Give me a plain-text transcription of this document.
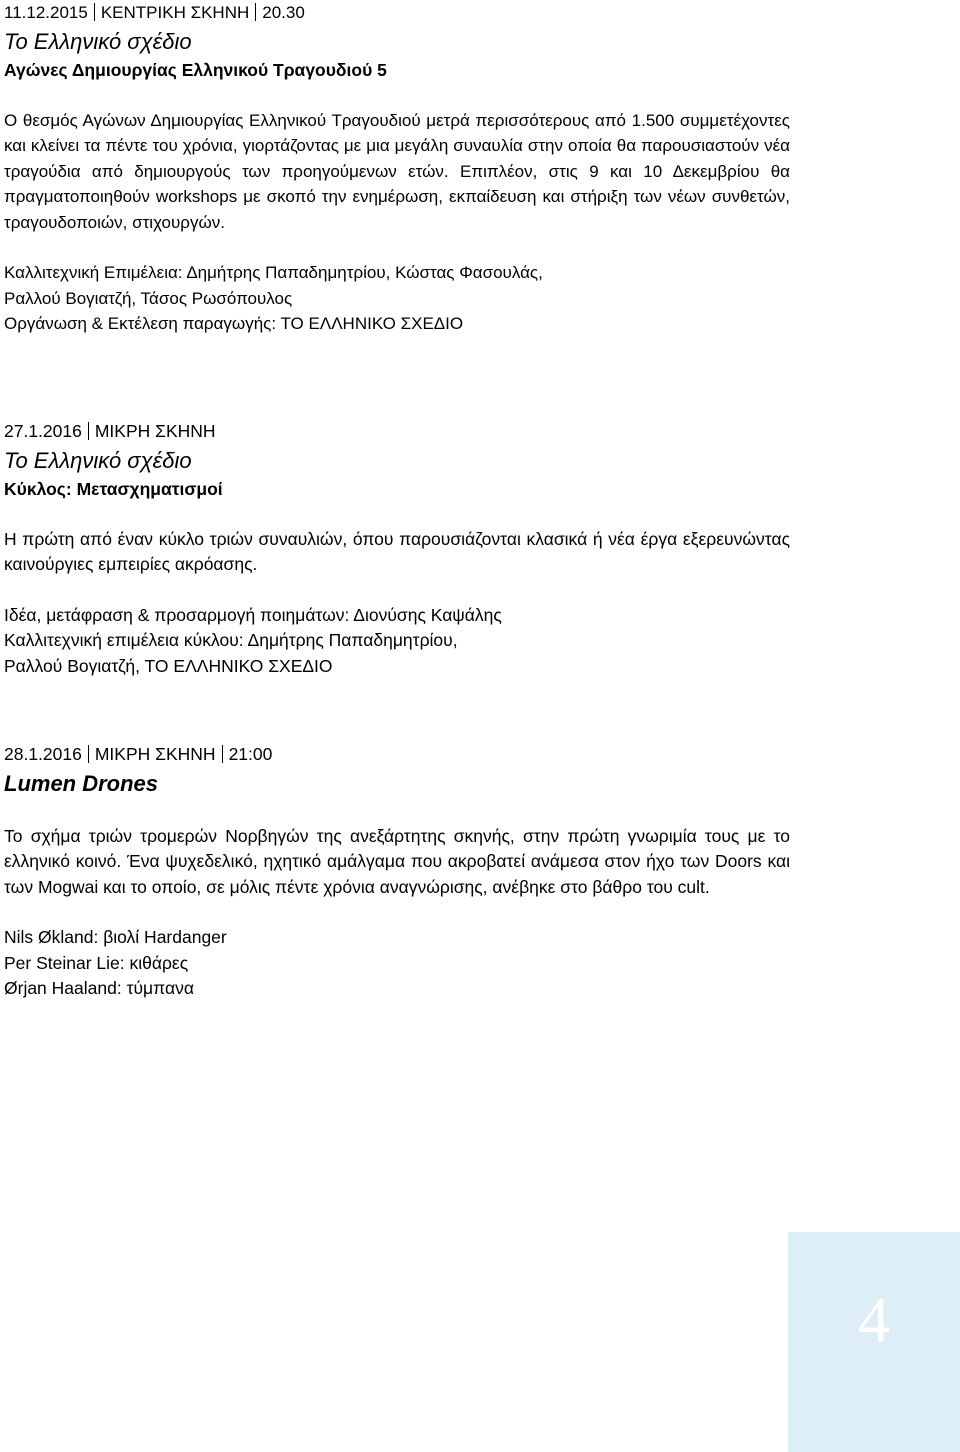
11.12.2015 ΚΕΝΤΡΙΚΗ ΣΚΗΝΗ 20.30
Το Ελληνικό σχέδιο
Αγώνες Δημιουργίας Ελληνικού Τραγουδιού 5

Ο θεσμός Αγώνων Δημιουργίας Ελληνικού Τραγουδιού μετρά περισσότερους από 1.500 συμμετέχοντες και κλείνει τα πέντε του χρόνια, γιορτάζοντας με μια μεγάλη συναυλία στην οποία θα παρουσιαστούν νέα τραγούδια από δημιουργούς των προηγούμενων ετών. Επιπλέον, στις 9 και 10 Δεκεμβρίου θα πραγματοποιηθούν workshops με σκοπό την ενημέρωση, εκπαίδευση και στήριξη των νέων συνθετών, τραγουδοποιών, στιχουργών.

Καλλιτεχνική Επιμέλεια: Δημήτρης Παπαδημητρίου, Κώστας Φασουλάς,
Ραλλού Βογιατζή, Τάσος Ρωσόπουλος
Οργάνωση & Εκτέλεση παραγωγής: ΤΟ ΕΛΛΗΝΙΚΟ ΣΧΕΔΙΟ
27.1.2016 ΜΙΚΡΗ ΣΚΗΝΗ
Το Ελληνικό σχέδιο
Κύκλος: Μετασχηματισμοί

Η πρώτη από έναν κύκλο τριών συναυλιών, όπου παρουσιάζονται κλασικά ή νέα έργα εξερευνώντας καινούργιες εμπειρίες ακρόασης.

Ιδέα, μετάφραση & προσαρμογή ποιημάτων: Διονύσης Καψάλης
Καλλιτεχνική επιμέλεια κύκλου: Δημήτρης Παπαδημητρίου,
Ραλλού Βογιατζή, ΤΟ ΕΛΛΗΝΙΚΟ ΣΧΕΔΙΟ
28.1.2016 ΜΙΚΡΗ ΣΚΗΝΗ 21:00
Lumen Drones

Το σχήμα τριών τρομερών Νορβηγών της ανεξάρτητης σκηνής, στην πρώτη γνωριμία τους με το ελληνικό κοινό. Ένα ψυχεδελικό, ηχητικό αμάλγαμα που ακροβατεί ανάμεσα στον ήχο των Doors και των Mogwai και το οποίο, σε μόλις πέντε χρόνια αναγνώρισης, ανέβηκε στο βάθρο του cult.

Nils Økland: βιολί Hardanger
Per Steinar Lie: κιθάρες
Ørjan Haaland: τύμπανα
4
